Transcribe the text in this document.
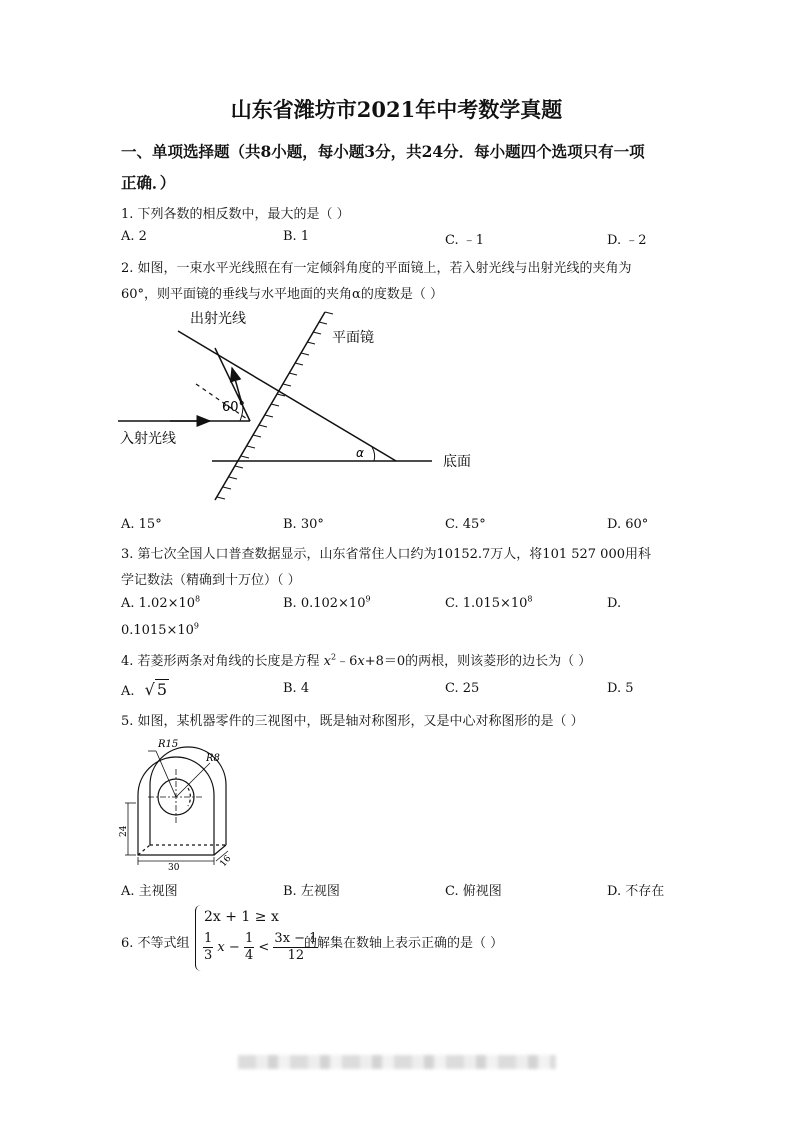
山东省潍坊市2021年中考数学真题
一、单项选择题（共8小题，每小题3分，共24分．每小题四个选项只有一项
正确．）
1. 下列各数的相反数中，最大的是（ ）
A. 2	B. 1	C. ﹣1	D. ﹣2
2. 如图，一束水平光线照在有一定倾斜角度的平面镜上，若入射光线与出射光线的夹角为
60°，则平面镜的垂线与水平地面的夹角α的度数是（ ）
出射光线
平面镜
60°
入射光线
α
底面
A. 15°	B. 30°	C. 45°	D. 60°
3. 第七次全国人口普查数据显示，山东省常住人口约为10152.7万人，将101 527 000用科
学记数法（精确到十万位）（ ）
A. $1.02\times 10^8$	B. $0.102\times 10^9$	C. $1.015\times 10^8$	D.
$0.1015\times 10^9$
4. 若菱形两条对角线的长度是方程 $x^2﹣6x+8=0$的两根，则该菱形的边长为（ ）
A. √ 5	B. 4	C. 25	D. 5
5. 如图，某机器零件的三视图中，既是轴对称图形，又是中心对称图形的是（ ）
R15
R8
24
30	16
A. 主视图	B. 左视图	C. 俯视图	D. 不存在
6. 不等式组
2x + 1 ≥ x
$\frac{1}{3}$ $x - \frac{1}{4} < \frac{3x - 1}{12}$
的解集在数轴上表示正确的是（ ）
